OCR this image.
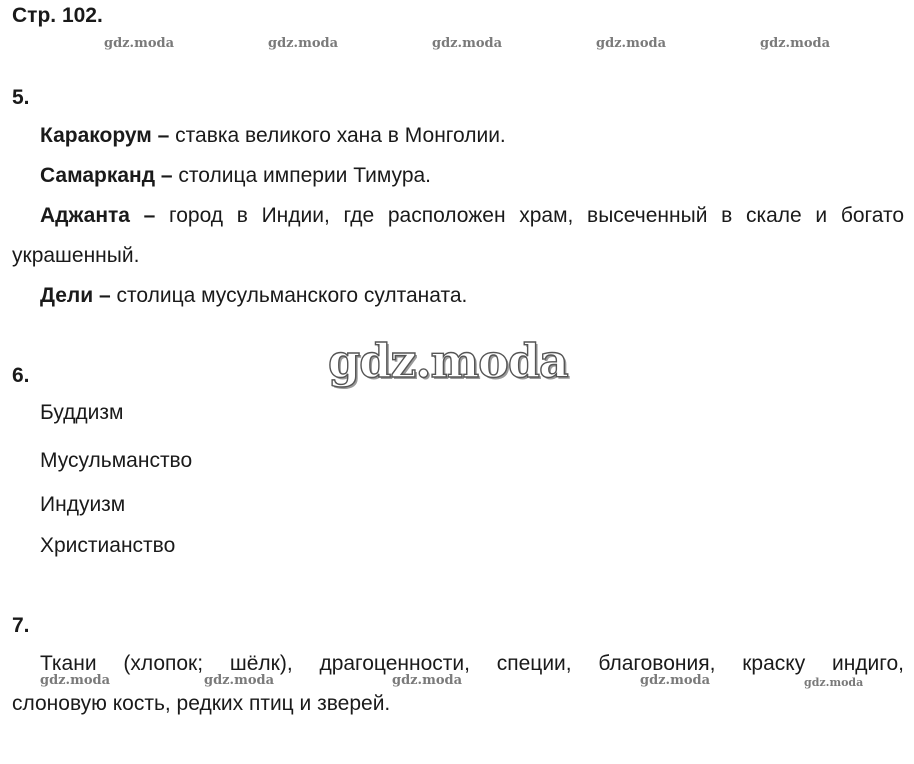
Стр. 102.
gdz.moda	gdz.moda	gdz.moda	gdz.moda	gdz.moda
5.
Каракорум – ставка великого хана в Монголии.
Самарканд – столица империи Тимура.
Аджанта – город в Индии, где расположен храм, высеченный в скале и богато
украшенный.
Дели – столица мусульманского султаната.
gdz.moda
6.
Буддизм
Мусульманство
Индуизм
Христианство
7.
Ткани (хлопок; шёлк), драгоценности, специи, благовония, краску индиго,
gdz.moda	gdz.moda	gdz.moda	gdz.moda	gdz.moda
слоновую кость, редких птиц и зверей.
